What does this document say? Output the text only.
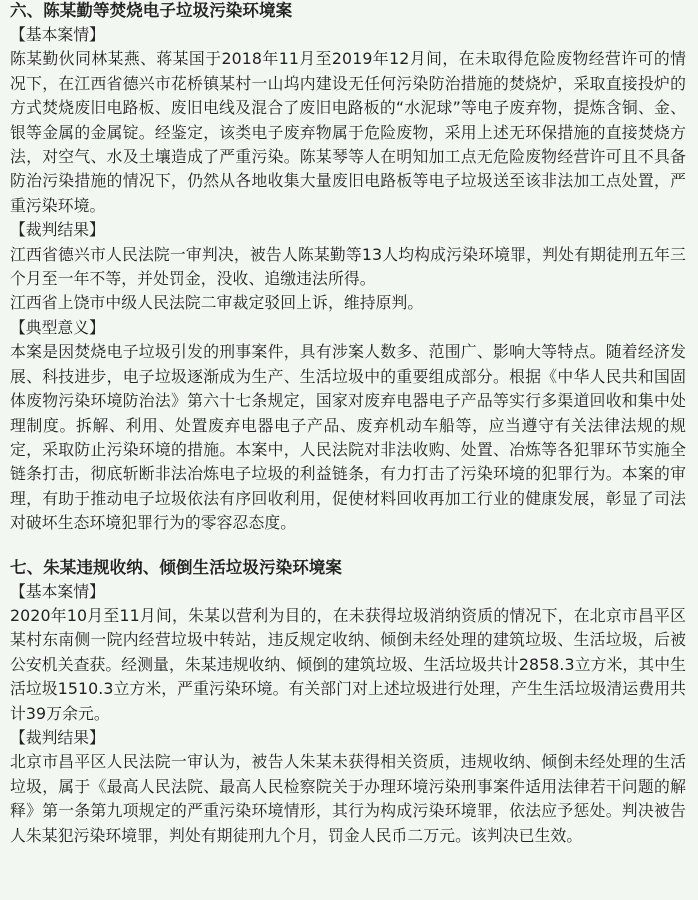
六、陈某勤等焚烧电子垃圾污染环境案

【基本案情】

陈某勤伙同林某燕、蒋某国于2018年11月至2019年12月间，在未取得危险废物经营许可的情况下，在江西省德兴市花桥镇某村一山坞内建设无任何污染防治措施的焚烧炉，采取直接投炉的方式焚烧废旧电路板、废旧电线及混合了废旧电路板的“水泥球”等电子废弃物，提炼含铜、金、银等金属的金属锭。经鉴定，该类电子废弃物属于危险废物，采用上述无环保措施的直接焚烧方法，对空气、水及土壤造成了严重污染。陈某琴等人在明知加工点无危险废物经营许可且不具备防治污染措施的情况下，仍然从各地收集大量废旧电路板等电子垃圾送至该非法加工点处置，严重污染环境。

【裁判结果】

江西省德兴市人民法院一审判决，被告人陈某勤等13人均构成污染环境罪，判处有期徒刑五年三个月至一年不等，并处罚金，没收、追缴违法所得。

江西省上饶市中级人民法院二审裁定驳回上诉，维持原判。

【典型意义】

本案是因焚烧电子垃圾引发的刑事案件，具有涉案人数多、范围广、影响大等特点。随着经济发展、科技进步，电子垃圾逐渐成为生产、生活垃圾中的重要组成部分。根据《中华人民共和国固体废物污染环境防治法》第六十七条规定，国家对废弃电器电子产品等实行多渠道回收和集中处理制度。拆解、利用、处置废弃电器电子产品、废弃机动车船等，应当遵守有关法律法规的规定，采取防止污染环境的措施。本案中，人民法院对非法收购、处置、冶炼等各犯罪环节实施全链条打击，彻底斩断非法冶炼电子垃圾的利益链条，有力打击了污染环境的犯罪行为。本案的审理，有助于推动电子垃圾依法有序回收利用，促使材料回收再加工行业的健康发展，彰显了司法对破坏生态环境犯罪行为的零容忍态度。

七、朱某违规收纳、倾倒生活垃圾污染环境案

【基本案情】

2020年10月至11月间，朱某以营利为目的，在未获得垃圾消纳资质的情况下，在北京市昌平区某村东南侧一院内经营垃圾中转站，违反规定收纳、倾倒未经处理的建筑垃圾、生活垃圾，后被公安机关查获。经测量，朱某违规收纳、倾倒的建筑垃圾、生活垃圾共计2858.3立方米，其中生活垃圾1510.3立方米，严重污染环境。有关部门对上述垃圾进行处理，产生生活垃圾清运费用共计39万余元。

【裁判结果】

北京市昌平区人民法院一审认为，被告人朱某未获得相关资质，违规收纳、倾倒未经处理的生活垃圾，属于《最高人民法院、最高人民检察院关于办理环境污染刑事案件适用法律若干问题的解释》第一条第九项规定的严重污染环境情形，其行为构成污染环境罪，依法应予惩处。判决被告人朱某犯污染环境罪，判处有期徒刑九个月，罚金人民币二万元。该判决已生效。
